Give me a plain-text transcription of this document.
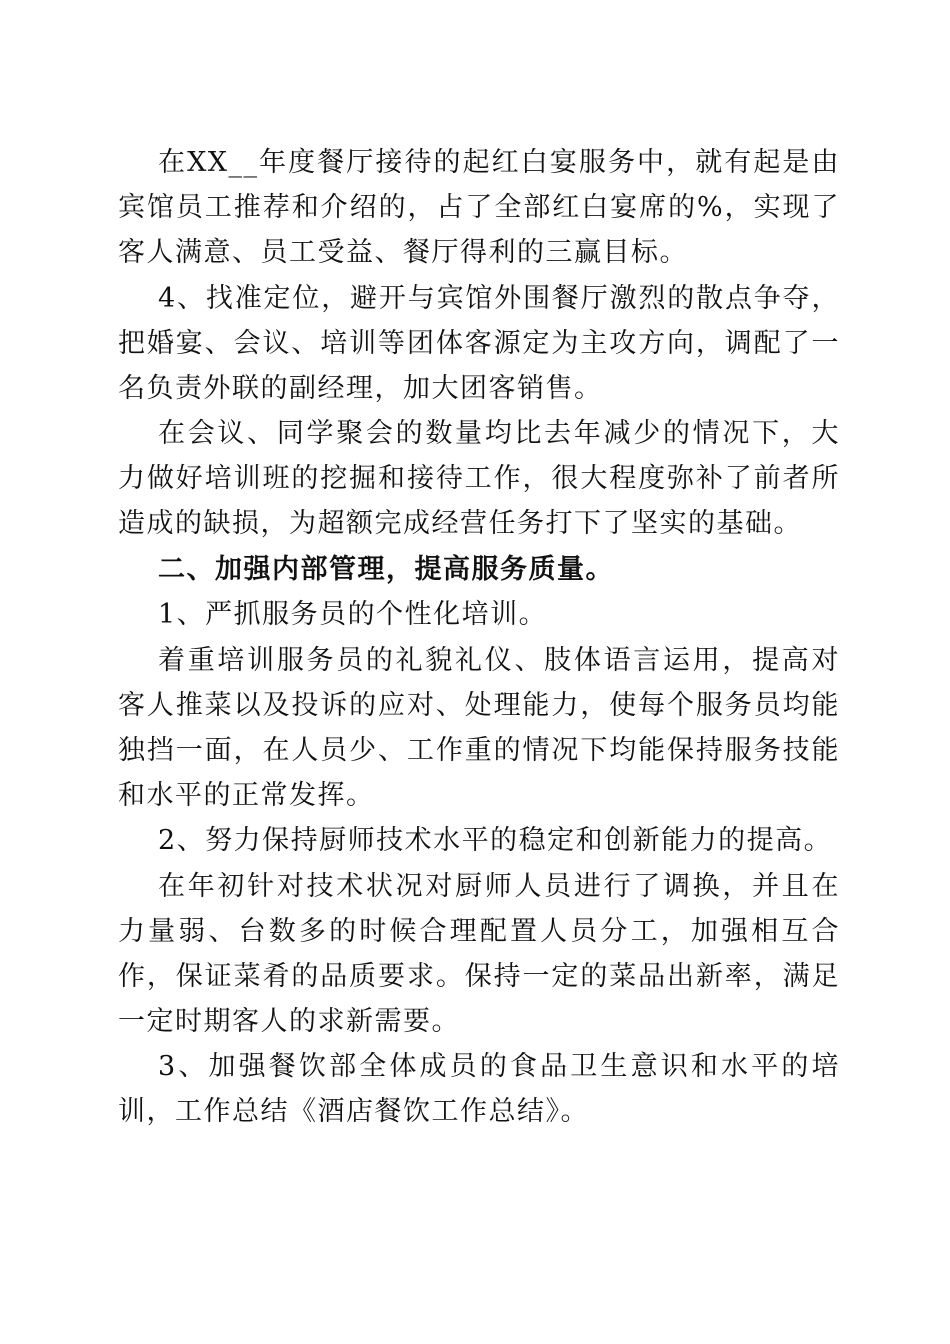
在XX__年度餐厅接待的起红白宴服务中，就有起是由宾馆员工推荐和介绍的，占了全部红白宴席的%，实现了客人满意、员工受益、餐厅得利的三赢目标。

4、找准定位，避开与宾馆外围餐厅激烈的散点争夺，把婚宴、会议、培训等团体客源定为主攻方向，调配了一名负责外联的副经理，加大团客销售。

在会议、同学聚会的数量均比去年减少的情况下，大力做好培训班的挖掘和接待工作，很大程度弥补了前者所造成的缺损，为超额完成经营任务打下了坚实的基础。

二、加强内部管理，提高服务质量。

1、严抓服务员的个性化培训。

着重培训服务员的礼貌礼仪、肢体语言运用，提高对客人推菜以及投诉的应对、处理能力，使每个服务员均能独挡一面，在人员少、工作重的情况下均能保持服务技能和水平的正常发挥。

2、努力保持厨师技术水平的稳定和创新能力的提高。

在年初针对技术状况对厨师人员进行了调换，并且在力量弱、台数多的时候合理配置人员分工，加强相互合作，保证菜肴的品质要求。保持一定的菜品出新率，满足一定时期客人的求新需要。

3、加强餐饮部全体成员的食品卫生意识和水平的培训，工作总结《酒店餐饮工作总结》。
